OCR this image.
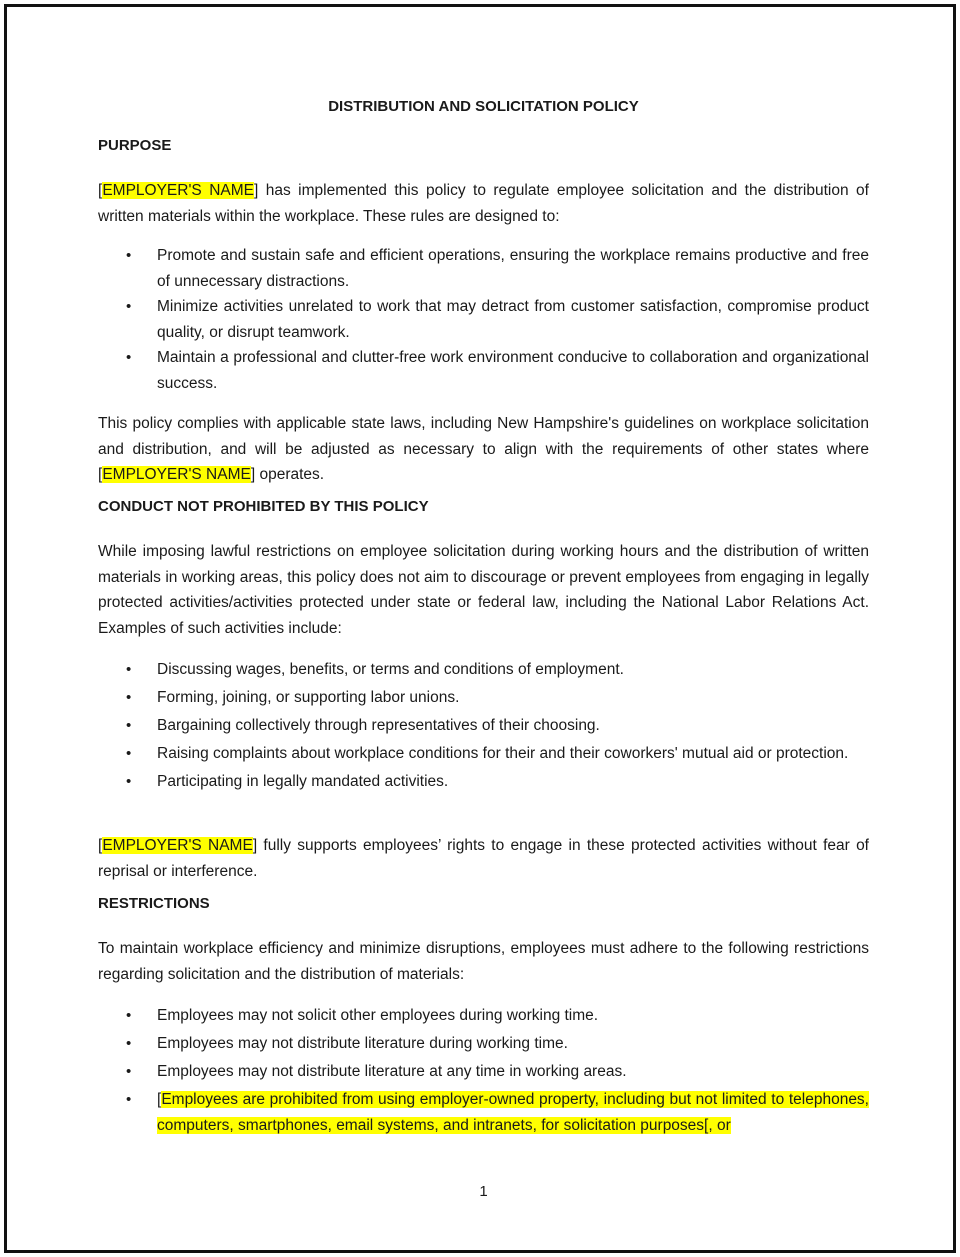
DISTRIBUTION AND SOLICITATION POLICY
PURPOSE

[EMPLOYER'S NAME] has implemented this policy to regulate employee solicitation and the distribution of written materials within the workplace. These rules are designed to:

• Promote and sustain safe and efficient operations, ensuring the workplace remains productive and free of unnecessary distractions.
• Minimize activities unrelated to work that may detract from customer satisfaction, compromise product quality, or disrupt teamwork.
• Maintain a professional and clutter-free work environment conducive to collaboration and organizational success.

This policy complies with applicable state laws, including New Hampshire's guidelines on workplace solicitation and distribution, and will be adjusted as necessary to align with the requirements of other states where [EMPLOYER'S NAME] operates.

CONDUCT NOT PROHIBITED BY THIS POLICY

While imposing lawful restrictions on employee solicitation during working hours and the distribution of written materials in working areas, this policy does not aim to discourage or prevent employees from engaging in legally protected activities/activities protected under state or federal law, including the National Labor Relations Act. Examples of such activities include:

• Discussing wages, benefits, or terms and conditions of employment.
• Forming, joining, or supporting labor unions.
• Bargaining collectively through representatives of their choosing.
• Raising complaints about workplace conditions for their and their coworkers' mutual aid or protection.
• Participating in legally mandated activities.

[EMPLOYER'S NAME] fully supports employees’ rights to engage in these protected activities without fear of reprisal or interference.

RESTRICTIONS

To maintain workplace efficiency and minimize disruptions, employees must adhere to the following restrictions regarding solicitation and the distribution of materials:

• Employees may not solicit other employees during working time.
• Employees may not distribute literature during working time.
• Employees may not distribute literature at any time in working areas.
• [Employees are prohibited from using employer-owned property, including but not limited to telephones, computers, smartphones, email systems, and intranets, for solicitation purposes[, or
1
